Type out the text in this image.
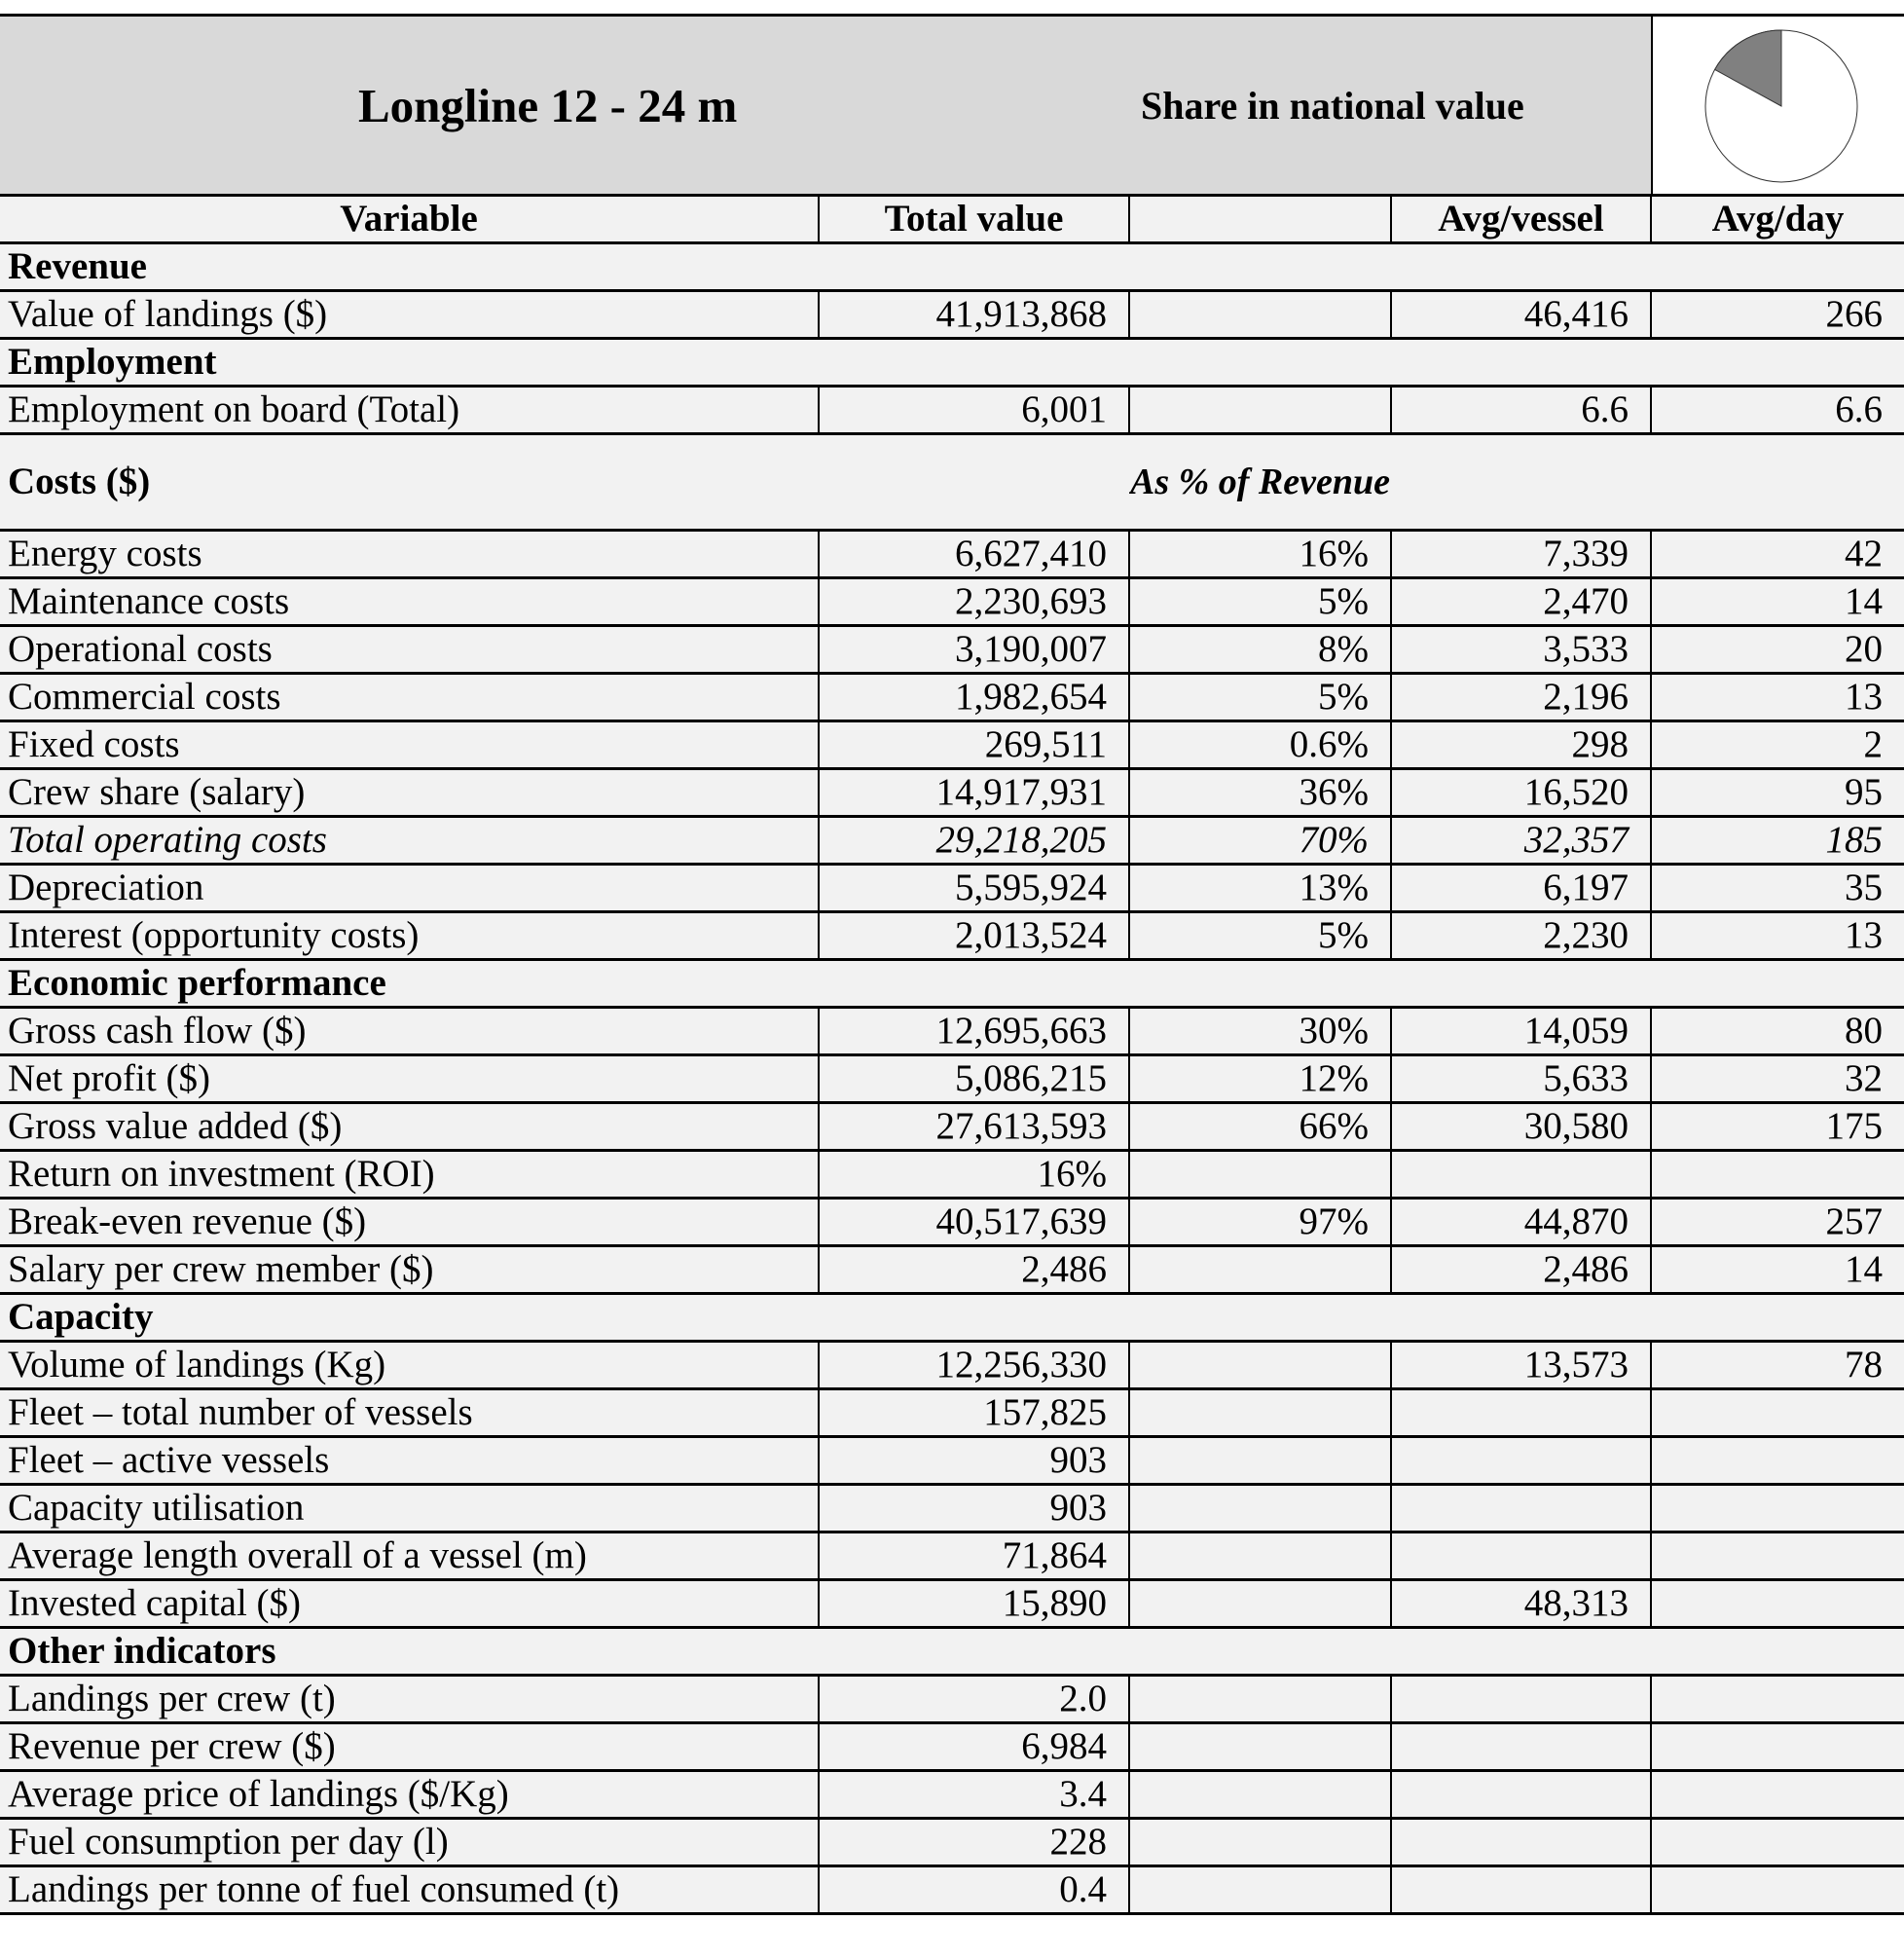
Longline 12 - 24 m	Share in national value
Variable	Total value		Avg/vessel	Avg/day
Revenue				
Value of landings ($)	41,913,868		46,416	266
Employment				
Employment on board (Total)	6,001		6.6	6.6
Costs ($)		As % of Revenue		
Energy costs	6,627,410	16%	7,339	42
Maintenance costs	2,230,693	5%	2,470	14
Operational costs	3,190,007	8%	3,533	20
Commercial costs	1,982,654	5%	2,196	13
Fixed costs	269,511	0.6%	298	2
Crew share (salary)	14,917,931	36%	16,520	95
Total operating costs	29,218,205	70%	32,357	185
Depreciation	5,595,924	13%	6,197	35
Interest (opportunity costs)	2,013,524	5%	2,230	13
Economic performance				
Gross cash flow ($)	12,695,663	30%	14,059	80
Net profit ($)	5,086,215	12%	5,633	32
Gross value added ($)	27,613,593	66%	30,580	175
Return on investment (ROI)	16%			
Break-even revenue ($)	40,517,639	97%	44,870	257
Salary per crew member ($)	2,486		2,486	14
Capacity				
Volume of landings (Kg)	12,256,330		13,573	78
Fleet – total number of vessels	157,825			
Fleet – active vessels	903			
Capacity utilisation	903			
Average length overall of a vessel (m)	71,864			
Invested capital ($)	15,890		48,313	
Other indicators				
Landings per crew (t)	2.0			
Revenue per crew ($)	6,984			
Average price of landings ($/Kg)	3.4			
Fuel consumption per day (l)	228			
Landings per tonne of fuel consumed (t)	0.4			
